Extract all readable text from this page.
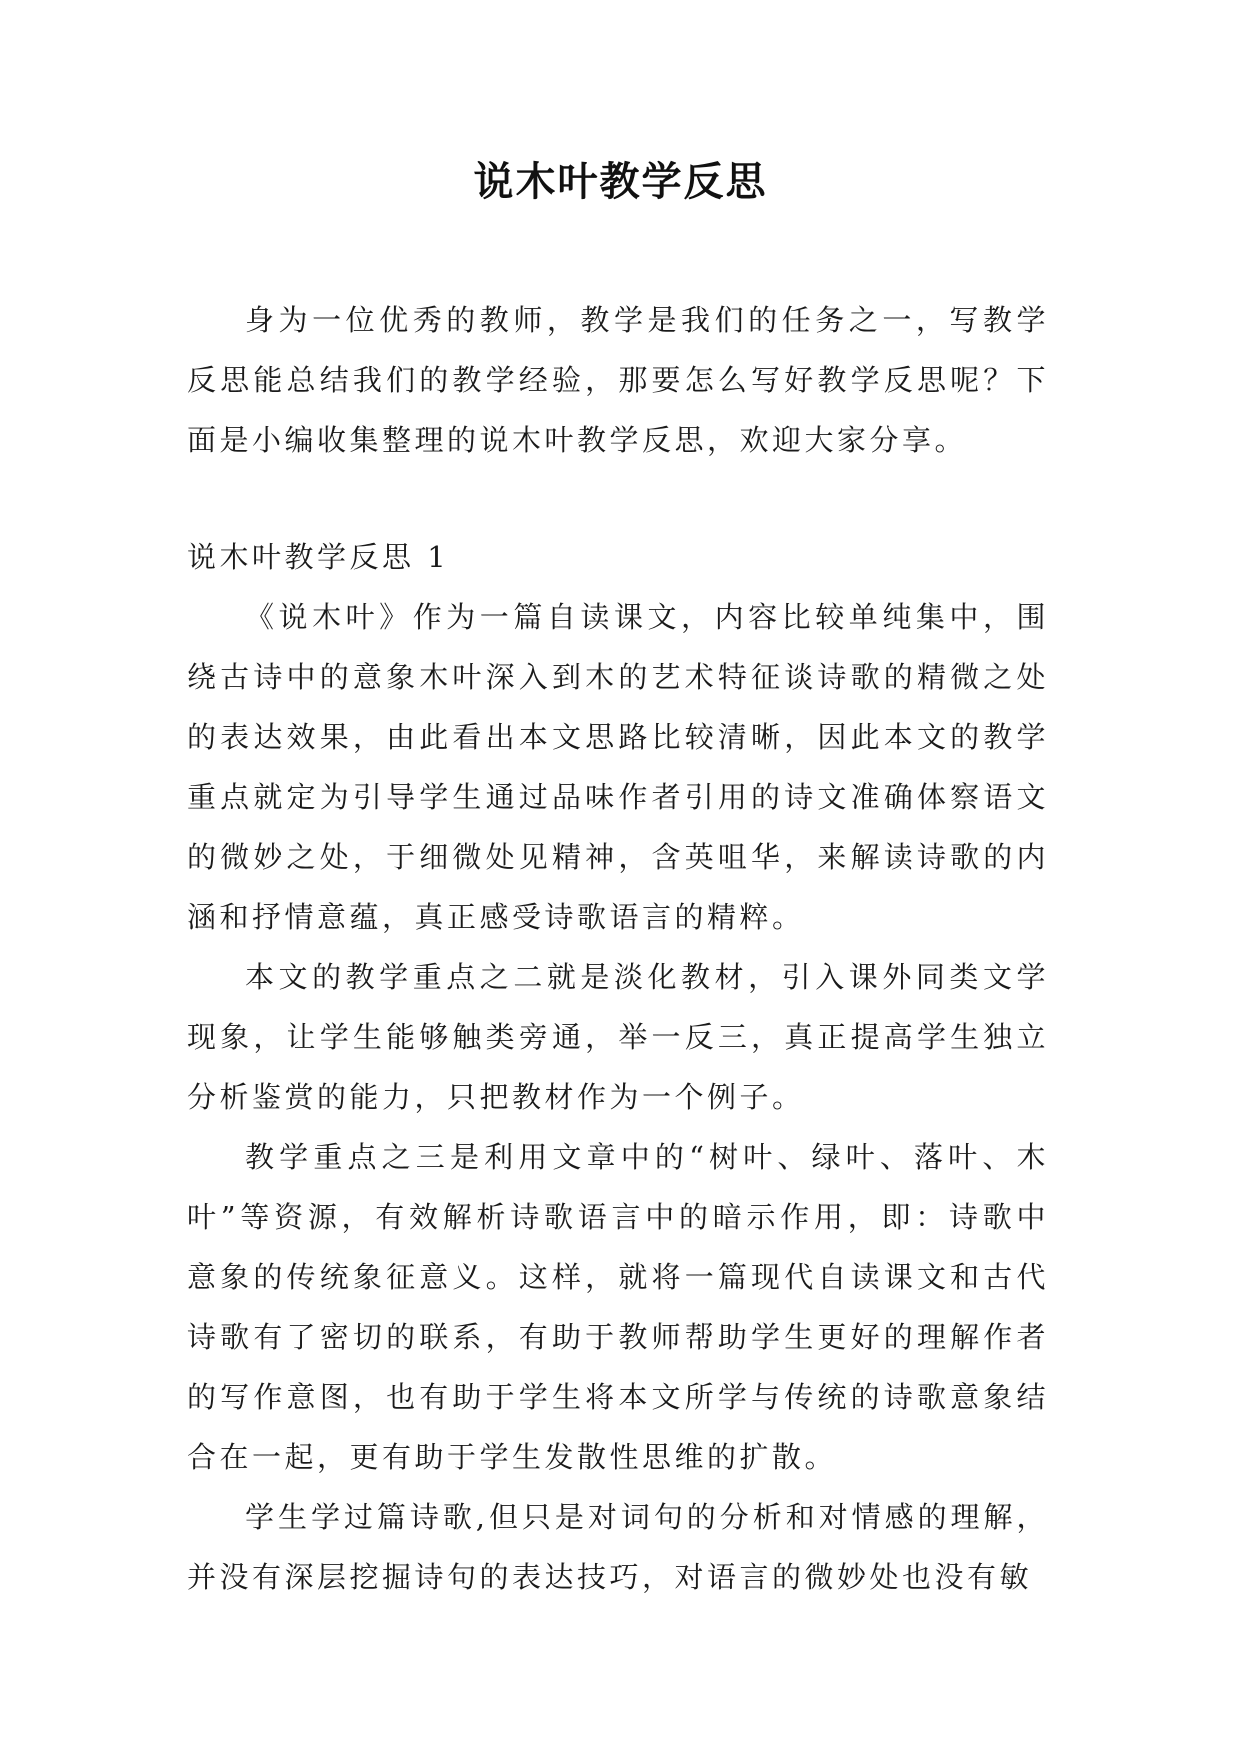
说木叶教学反思

身为一位优秀的教师，教学是我们的任务之一，写教学反思能总结我们的教学经验，那要怎么写好教学反思呢？下面是小编收集整理的说木叶教学反思，欢迎大家分享。

说木叶教学反思 1

《说木叶》作为一篇自读课文，内容比较单纯集中，围绕古诗中的意象木叶深入到木的艺术特征谈诗歌的精微之处的表达效果，由此看出本文思路比较清晰，因此本文的教学重点就定为引导学生通过品味作者引用的诗文准确体察语文的微妙之处，于细微处见精神，含英咀华，来解读诗歌的内涵和抒情意蕴，真正感受诗歌语言的精粹。

本文的教学重点之二就是淡化教材，引入课外同类文学现象，让学生能够触类旁通，举一反三，真正提高学生独立分析鉴赏的能力，只把教材作为一个例子。

教学重点之三是利用文章中的“树叶、绿叶、落叶、木叶”等资源，有效解析诗歌语言中的暗示作用，即：诗歌中意象的传统象征意义。这样，就将一篇现代自读课文和古代诗歌有了密切的联系，有助于教师帮助学生更好的理解作者的写作意图，也有助于学生将本文所学与传统的诗歌意象结合在一起，更有助于学生发散性思维的扩散。

学生学过篇诗歌,但只是对词句的分析和对情感的理解，并没有深层挖掘诗句的表达技巧，对语言的微妙处也没有敏
